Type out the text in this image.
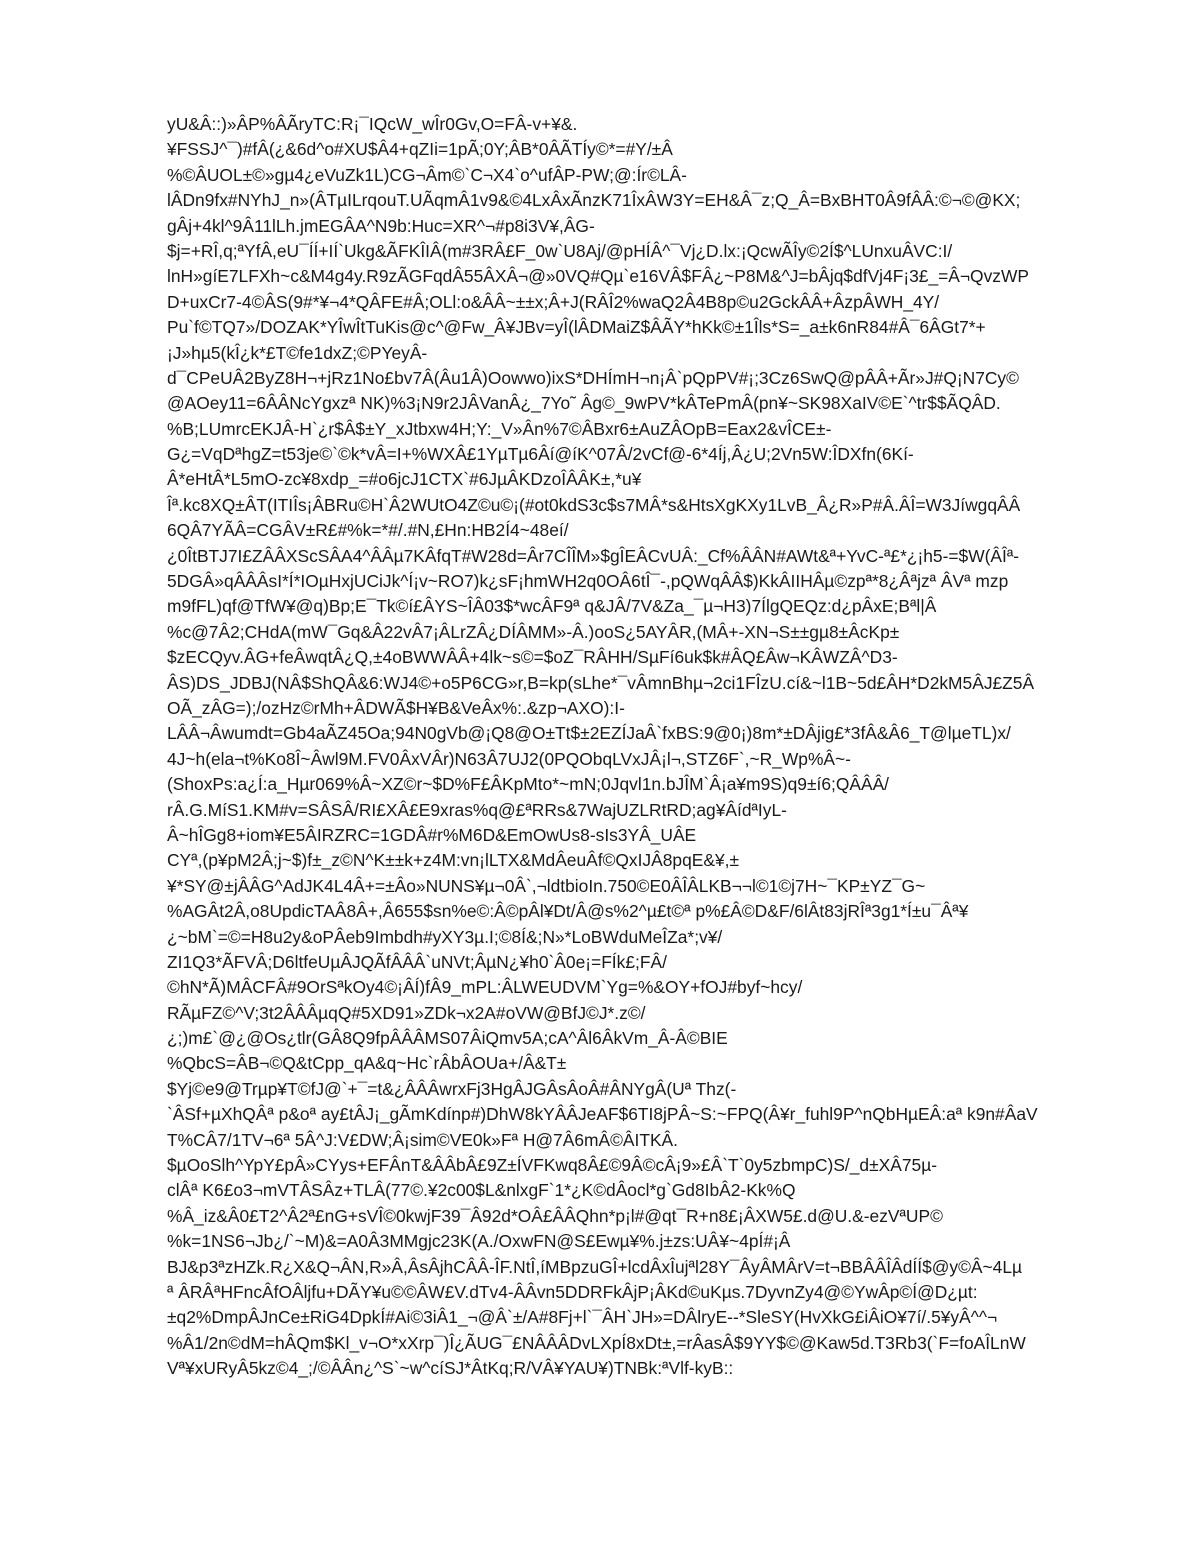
yU&Â::)»ÂP%ÂÃryTC:R¡¯IQcW_wÎr0Gv,O=FÂ-v+¥&.
¥FSSJ^¯)#fÂ(¿&6d^o#XU$Â4+qZIi=1pÃ;0Y;ÂB*0ÂÃTÍy©*=#Y/±Â
%©ÂUOL±©»gµ4¿eVuZk1L)CG¬Âm©`C¬X4`o^ufÂP-PW;@:Ír©LÂ-
lÂDn9fx#NYhJ_n»(ÂTµILrqouT.UÃqmÂ1v9&©4LxÂxÃnzK71ÎxÂW3Y=EH&Â¯z;Q_Â=BxBHT0Â9fÂÂ:©¬©@KX;
gÂj+4kl^9Â11lLh.jmEGÂA^N9b:Huc=XR^¬#p8i3V¥,ÂG-
$j=+RÎ,q;ªYfÂ,eU¯ÍÍ+IÍ`Ukg&ÃFKÎIÂ(m#3RÂ£F_0w`U8Aj/@pHÍÂ^¯Vj¿D.lx:¡QcwÃÎy©2Í$^LUnxuÂVC:I/
lnH»gíE7LFXh~c&M4g4y.R9zÃGFqdÂ55ÂXÂ¬@»0VQ#Qµ`e16VÂ$FÂ¿~P8M&^J=bÂjq$dfVj4F¡3£_=Â¬QvzWP
D+uxCr7-4©ÂS(9#*¥¬4*QÂFE#Â;OLl:o&ÂÂ~±±x;Â+J(RÂÎ2%waQ2Â4B8p©u2GckÂÂ+ÂzpÂWH_4Y/
Pu`f©TQ7»/DOZAK*YÎwÎtTuKis@c^@Fw_Â¥JBv=yÎ(lÂDMaiZ$ÂÃY*hKk©±1Îls*S=_a±k6nR84#Â¯6ÂGt7*+
¡J»hµ5(kÎ¿k*£T©fe1dxZ;©PYeyÂ-
d¯CPeUÂ2ByZ8H¬+jRz1No£bv7Â(Âu1Â)Oowwo)ixS*DHÍmH¬n¡Â`pQpPV#¡;3Cz6SwQ@pÂÂ+Ãr»J#Q¡N7Cy©
@AOey11=6ÂÂNcYgxzª NK)%3¡N9r2JÂVanÂ¿_7Yo˜ Âg©_9wPV*kÂTePmÂ(pn¥~SK98XaIV©E`^tr$$ÃQÂD.
%B;LUmrcEKJÂ-H`¿r$Â$±Y_xJtbxw4H;Y:_V»Ân%7©ÂBxr6±AuZÂOpB=Eax2&vÎCE±-
G¿=VqDªhgZ=t53je©`©k*vÂ=I+%WXÂ£1YµTµ6Âí@íK^07Â/2vCf@-6*4Íj,Â¿U;2Vn5W:ÎDXfn(6Kí-
Â*eHtÂ*L5mO-zc¥8xdp_=#o6jcJ1CTX`#6JµÂKDzoÎÂÂK±,*u¥
Îª.kc8XQ±ÂT(ITIÎs¡ÂBRu©H`Â2WUtO4Z©u©¡(#ot0kdS3c$s7MÂ*s&HtsXgKXy1LvB_Â¿R»P#Â.ÂÎ=W3JíwgqÂÂ
6QÂ7YÃÂ=CGÂV±R£#%k=*#/.#N,£Hn:HB2Í4~48eí/
¿0ÎtBTJ7I£ZÂÂXScSÂA4^ÂÂµ7KÂfqT#W28d=Âr7CÎÎM»$gÎEÂCvUÂ:_Cf%ÂÂN#AWt&ª+YvC-ª£*¿¡h5-=$W(ÂÎª-
5DGÂ»qÂÂÂsI*Í*IOµHxjUCiJk^Í¡v~RO7)k¿sF¡hmWH2q0OÂ6tÎ¯-,pQWqÂÂ$)KkÂIIHÂµ©zpª*8¿Âªjzª ÂVª mzp
m9fFL)qf@TfW¥@q)Bp;E¯Tk©í£ÂYS~ÎÂ03$*wcÂF9ª q&JÂ/7V&Za_¯µ¬H3)7ÍlgQEQz:d¿pÂxE;Bªl|Â
%c@7Â2;CHdA(mW¯Gq&Â22vÂ7¡ÂLrZÂ¿DÍÂMM»-Â.)ooS¿5AYÂR,(MÂ+-XN¬S±±gµ8±ÂcKp±
$zECQyv.ÂG+feÂwqtÂ¿Q,±4oBWWÂÂ+4lk~s©=$oZ¯RÂHH/SµFí6uk$k#ÂQ£Âw¬KÂWZÂ^D3-
ÂS)DS_JDBJ(NÂ$ShQÂ&6:WJ4©+o5P6CG»r,B=kp(sLhe*¯vÂmnBhµ¬2ci1FÎzU.cí&~l1B~5d£ÂH*D2kM5ÂJ£Z5Â
OÃ_zÂG=);/ozHz©rMh+ÂDWÃ$H¥B&VeÂx%:.&zp¬AXO):I-
LÂÂ¬Âwumdt=Gb4aÃZ45Oa;94N0gVb@¡Q8@O±Tt$±2EZÍJaÂ`fxBS:9@0¡)8m*±DÂjig£*3fÂ&Â6_T@lµeTL)x/
4J~h(ela¬t%Ko8Î~Âwl9M.FV0ÂxVÂr)N63Â7UJ2(0PQObqLVxJÂ¡l¬,STZ6F`,~R_Wp%Â~-
(ShoxPs:a¿Í:a_Hµr069%Â~XZ©r~$D%F£ÂKpMto*~mN;0Jqvl1n.bJÎM`Â¡a¥m9S)q9±í6;QÂÂÂ/
rÂ.G.MíS1.KM#v=SÂSÂ/RI£XÂ£E9xras%q@£ªRRs&7WajUZLRtRD;ag¥ÂídªIyL-
Â~hÎGg8+iom¥E5ÂIRZRC=1GDÂ#r%M6D&EmOwUs8-sIs3YÂ_UÂE
CYª,(p¥pM2Â;j~$)f±_z©N^K±±k+z4M:vn¡lLTX&MdÂeuÂf©QxIJÂ8pqE&¥,±
¥*SY@±jÂÂG^AdJK4L4Â+=±Âo»NUNS¥µ¬0Â`,¬ldtbioIn.750©E0ÂÎÂLKB¬¬l©1©j7H~¯KP±YZ¯G~
%AGÂt2Â,o8UpdicTAÂ8Â+,Â655$sn%e©:Â©pÂl¥Dt/Â@s%2^µ£t©ª p%£Â©D&F/6lÂt83jRÎª3g1*Í±u¯Âª¥
¿~bM`=©=H8u2y&oPÂeb9Imbdh#yXY3µ.I;©8Í&;N»*LoBWduMeÎZa*;v¥/
ZI1Q3*ÃFVÂ;D6ltfeUµÂJQÃfÂÂÂ`uNVt;ÂµN¿¥h0`Â0e¡=FÍk£;FÂ/
©hN*Ã)MÂCFÂ#9OrSªkOy4©¡ÂÍ)fÂ9_mPL:ÂLWEUDVM`Yg=%&OY+fOJ#byf~hcy/
RÃµFZ©^V;3t2ÂÂÂµqQ#5XD91»ZDk¬x2A#oVW@BfJ©J*.z©/
¿;)m£`@¿@Os¿tlr(GÂ8Q9fpÂÂÂMS07ÂiQmv5A;cA^Âl6ÂkVm_Â-Â©BIE
%QbcS=ÂB¬©Q&tCpp_qA&q~Hc`rÂbÂOUa+/Â&T±
$Yj©e9@Trµp¥T©fJ@`+¯=t&¿ÂÂÂwrxFj3HgÂJGÂsÂoÂ#ÂNYgÂ(Uª Thz(-
`ÂSf+µXhQÂª p&oª ay£tÂJ¡_gÃmKdínp#)DhW8kYÂÂJeAF$6TI8jPÂ~S:~FPQ(Â¥r_fuhl9P^nQbHµEÂ:aª k9n#ÂaV
T%CÂ7/1TV¬6ª 5Â^J:V£DW;Â¡sim©VE0k»Fª H@7Â6mÂ©ÂITKÂ.
$µOoSlh^YpY£pÂ»CYys+EFÂnT&ÂÂbÂ£9Z±ÍVFKwq8Â£©9Â©cÂ¡9»£Â`T`0y5zbmpC)S/_d±XÂ75µ-
clÂª K6£o3¬mVTÂSÂz+TLÂ(77©.¥2c00$L&nlxgF`1*¿K©dÂocl*g`Gd8IbÂ2-Kk%Q
%Â_iz&Â0£T2^Â2ª£nG+sVÎ©0kwjF39¯Â92d*OÂ£ÂÂQhn*p¡l#@qt¯R+n8£¡ÂXW5£.d@U.&-ezVªUP©
%k=1NS6¬Jb¿/`~M)&=A0Â3MMgjc23K(A./OxwFN@S£Ewµ¥%.j±zs:UÂ¥~4pÍ#¡Â
BJ&p3ªzHZk.R¿X&Q¬ÂN,R»Â,ÂsÂjhCÂÂ-ÎF.NtÎ,íMBpzuGÎ+lcdÂxÎujªl28Y¯ÂyÂMÂrV=t¬BBÂÂÎÂdÍÍ$@y©Â~4Lµ
ª ÂRÂªHFncÂfOÂljfu+DÃY¥u©©ÂW£V.dTv4-ÂÂvn5DDRFkÂjP¡ÂKd©uKµs.7DyvnZy4@©YwÂp©Í@D¿µt:
±q2%DmpÂJnCe±RiG4DpkÍ#Ai©3iÂ1_¬@Â`±/A#8Fj+l`¯ÂH`JH»=DÂlryE--*SleSY(HvXkG£iÂiO¥7í/.5¥yÂ^^¬
%Â1/2n©dM=hÂQm$Kl_v¬O*xXrp¯)Î¿ÃUG¯£NÂÂÂDvLXpÍ8xDt±,=rÂasÂ$9YY$©@Kaw5d.T3Rb3(`F=foAÎLnW
Vª¥xURyÂ5kz©4_;/©ÂÂn¿^S`~w^cíSJ*ÂtKq;R/VÂ¥YAU¥)TNBk:ªVlf-kyB::
